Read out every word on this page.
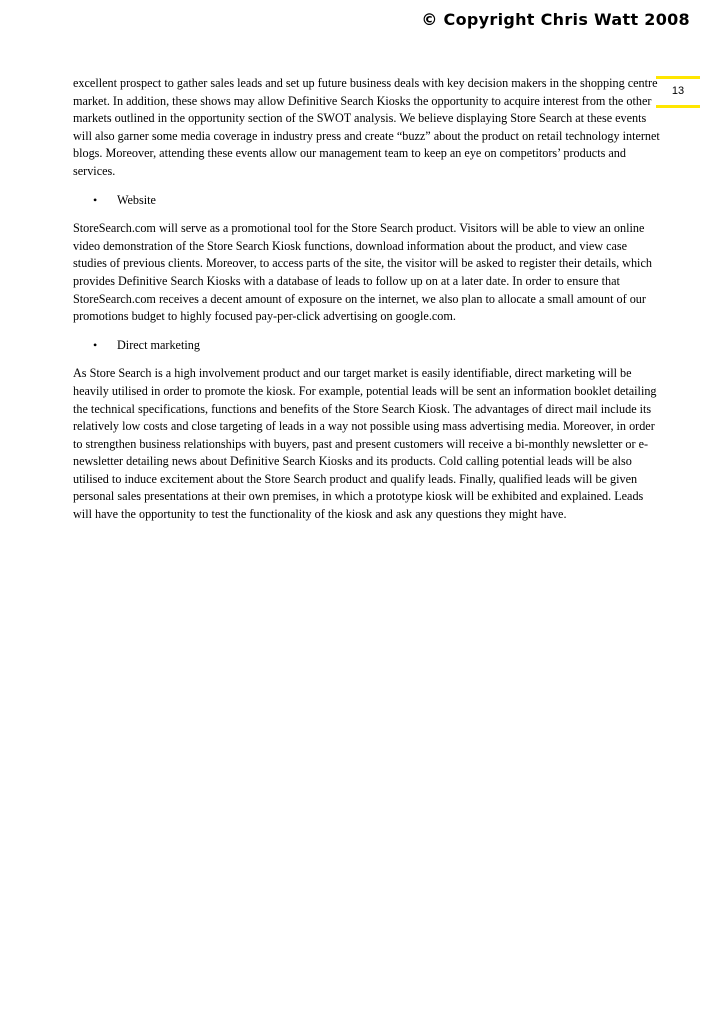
© Copyright Chris Watt 2008
13

excellent prospect to gather sales leads and set up future business deals with key decision makers in the shopping centre market. In addition, these shows may allow Definitive Search Kiosks the opportunity to acquire interest from the other markets outlined in the opportunity section of the SWOT analysis. We believe displaying Store Search at these events will also garner some media coverage in industry press and create “buzz” about the product on retail technology internet blogs. Moreover, attending these events allow our management team to keep an eye on competitors’ products and services.

•	Website

StoreSearch.com will serve as a promotional tool for the Store Search product. Visitors will be able to view an online video demonstration of the Store Search Kiosk functions, download information about the product, and view case studies of previous clients. Moreover, to access parts of the site, the visitor will be asked to register their details, which provides Definitive Search Kiosks with a database of leads to follow up on at a later date. In order to ensure that StoreSearch.com receives a decent amount of exposure on the internet, we also plan to allocate a small amount of our promotions budget to highly focused pay-per-click advertising on google.com.

•	Direct marketing

As Store Search is a high involvement product and our target market is easily identifiable, direct marketing will be heavily utilised in order to promote the kiosk. For example, potential leads will be sent an information booklet detailing the technical specifications, functions and benefits of the Store Search Kiosk. The advantages of direct mail include its relatively low costs and close targeting of leads in a way not possible using mass advertising media. Moreover, in order to strengthen business relationships with buyers, past and present customers will receive a bi-monthly newsletter or e-newsletter detailing news about Definitive Search Kiosks and its products. Cold calling potential leads will be also utilised to induce excitement about the Store Search product and qualify leads. Finally, qualified leads will be given personal sales presentations at their own premises, in which a prototype kiosk will be exhibited and explained. Leads will have the opportunity to test the functionality of the kiosk and ask any questions they might have.
